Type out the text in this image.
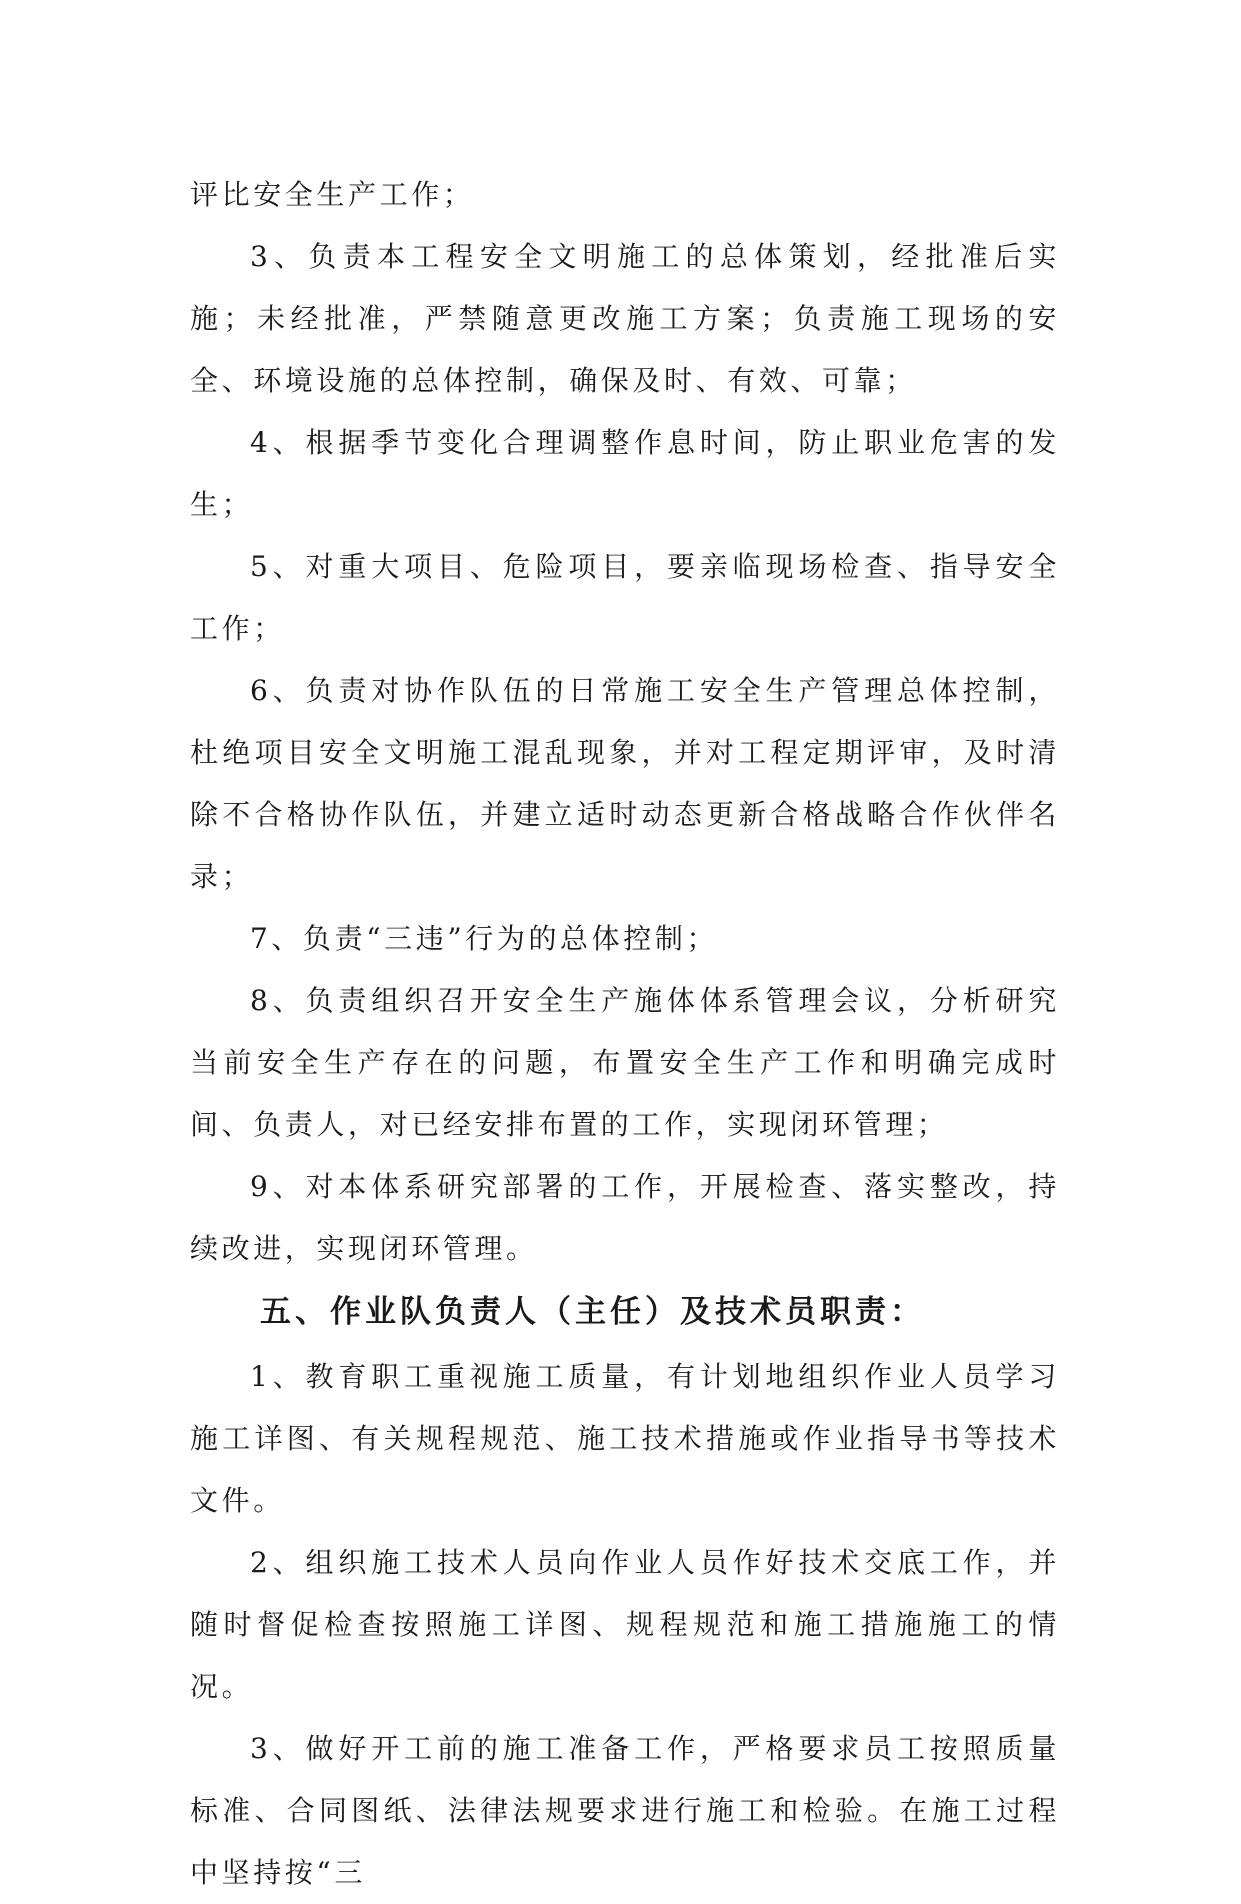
评比安全生产工作；

3、负责本工程安全文明施工的总体策划，经批准后实施；未经批准，严禁随意更改施工方案；负责施工现场的安全、环境设施的总体控制，确保及时、有效、可靠；

4、根据季节变化合理调整作息时间，防止职业危害的发生；

5、对重大项目、危险项目，要亲临现场检查、指导安全工作；

6、负责对协作队伍的日常施工安全生产管理总体控制，杜绝项目安全文明施工混乱现象，并对工程定期评审，及时清除不合格协作队伍，并建立适时动态更新合格战略合作伙伴名录；

7、负责“三违”行为的总体控制；

8、负责组织召开安全生产施体体系管理会议，分析研究当前安全生产存在的问题，布置安全生产工作和明确完成时间、负责人，对已经安排布置的工作，实现闭环管理；

9、对本体系研究部署的工作，开展检查、落实整改，持续改进，实现闭环管理。

五、作业队负责人（主任）及技术员职责：

1、教育职工重视施工质量，有计划地组织作业人员学习施工详图、有关规程规范、施工技术措施或作业指导书等技术文件。

2、组织施工技术人员向作业人员作好技术交底工作，并随时督促检查按照施工详图、规程规范和施工措施施工的情况。

3、做好开工前的施工准备工作，严格要求员工按照质量标准、合同图纸、法律法规要求进行施工和检验。在施工过程中坚持按“三
